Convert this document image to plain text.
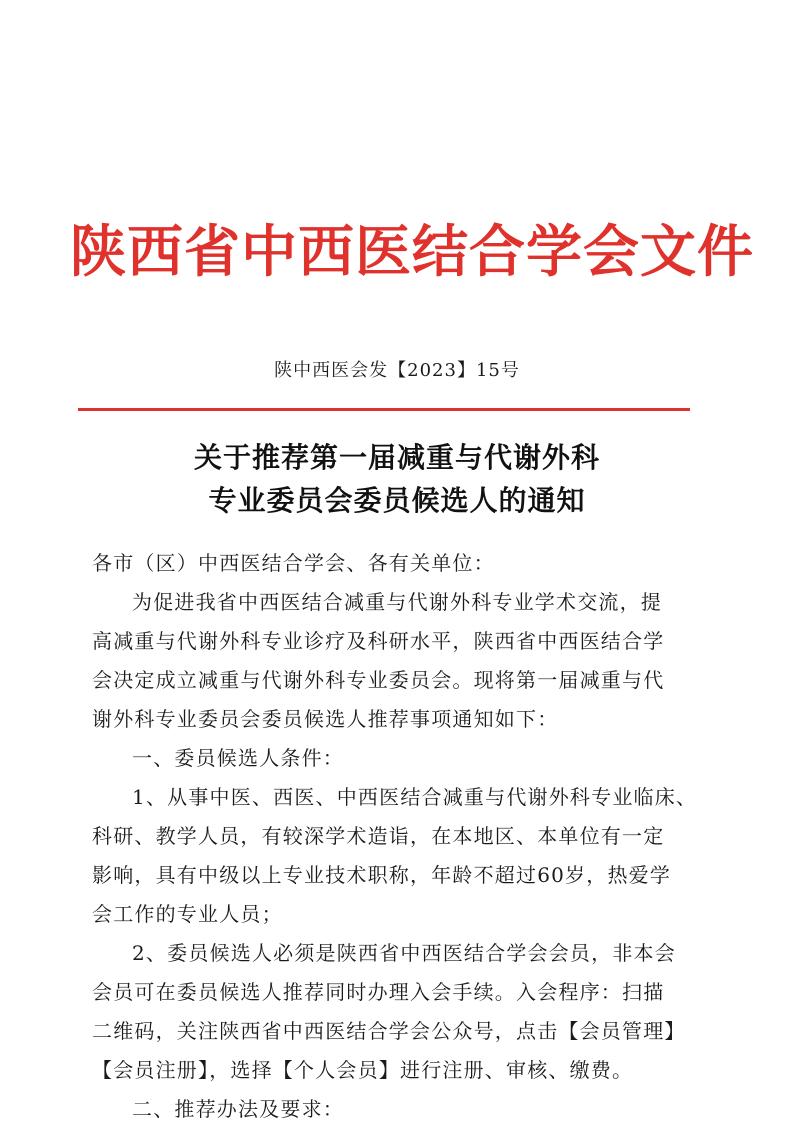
陕西省中西医结合学会文件
陕中西医会发【2023】15号
关于推荐第一届减重与代谢外科
专业委员会委员候选人的通知
各市（区）中西医结合学会、各有关单位：
为促进我省中西医结合减重与代谢外科专业学术交流，提
高减重与代谢外科专业诊疗及科研水平，陕西省中西医结合学
会决定成立减重与代谢外科专业委员会。现将第一届减重与代
谢外科专业委员会委员候选人推荐事项通知如下：
一、委员候选人条件：
1、从事中医、西医、中西医结合减重与代谢外科专业临床、
科研、教学人员，有较深学术造诣，在本地区、本单位有一定
影响，具有中级以上专业技术职称，年龄不超过60岁，热爱学
会工作的专业人员；
2、委员候选人必须是陕西省中西医结合学会会员，非本会
会员可在委员候选人推荐同时办理入会手续。入会程序：扫描
二维码，关注陕西省中西医结合学会公众号，点击【会员管理】
【会员注册】，选择【个人会员】进行注册、审核、缴费。
二、推荐办法及要求：
